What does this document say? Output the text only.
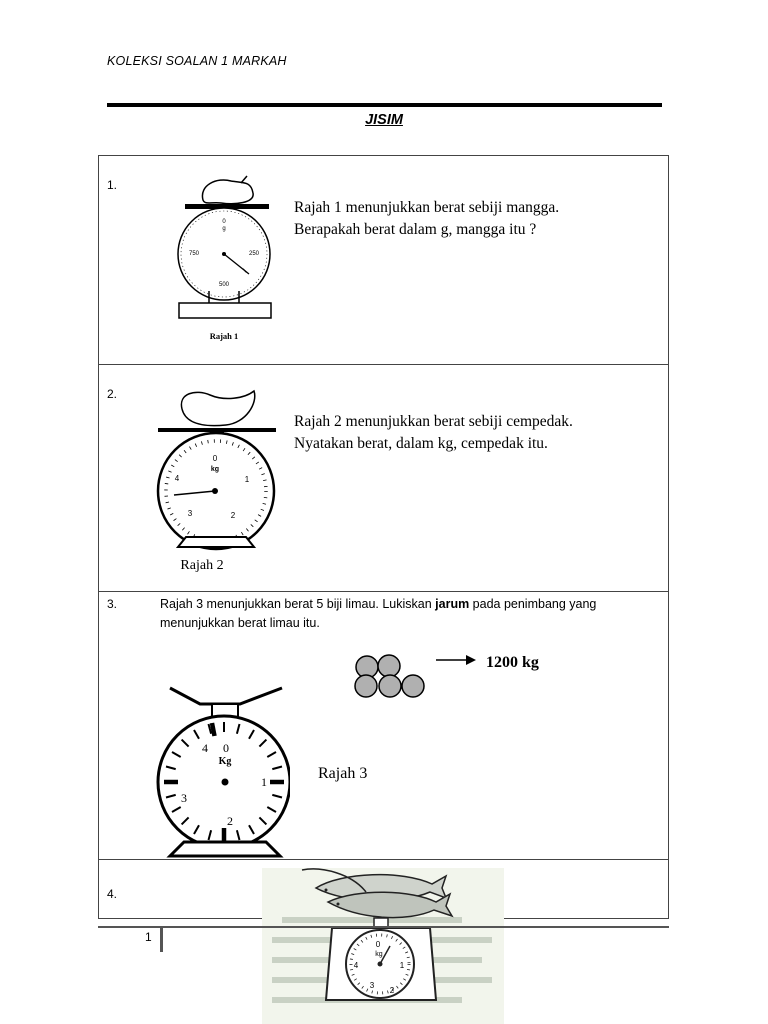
KOLEKSI SOALAN 1 MARKAH
JISIM
1.
Rajah 1 menunjukkan berat sebiji mangga.
Berapakah berat dalam g, mangga itu ?
0
g
250
500
750
Rajah 1
2.
Rajah 2 menunjukkan berat sebiji cempedak.
Nyatakan berat, dalam kg, cempedak itu.
0
kg
1
2
3
4
Rajah 2
3.	Rajah 3 menunjukkan berat 5 biji limau. Lukiskan jarum pada penimbang yang menunjukkan berat limau itu.
1200 kg
4 0
Kg
1
2
3
Rajah 3
4.
0
kg
1
2
3
4
1
